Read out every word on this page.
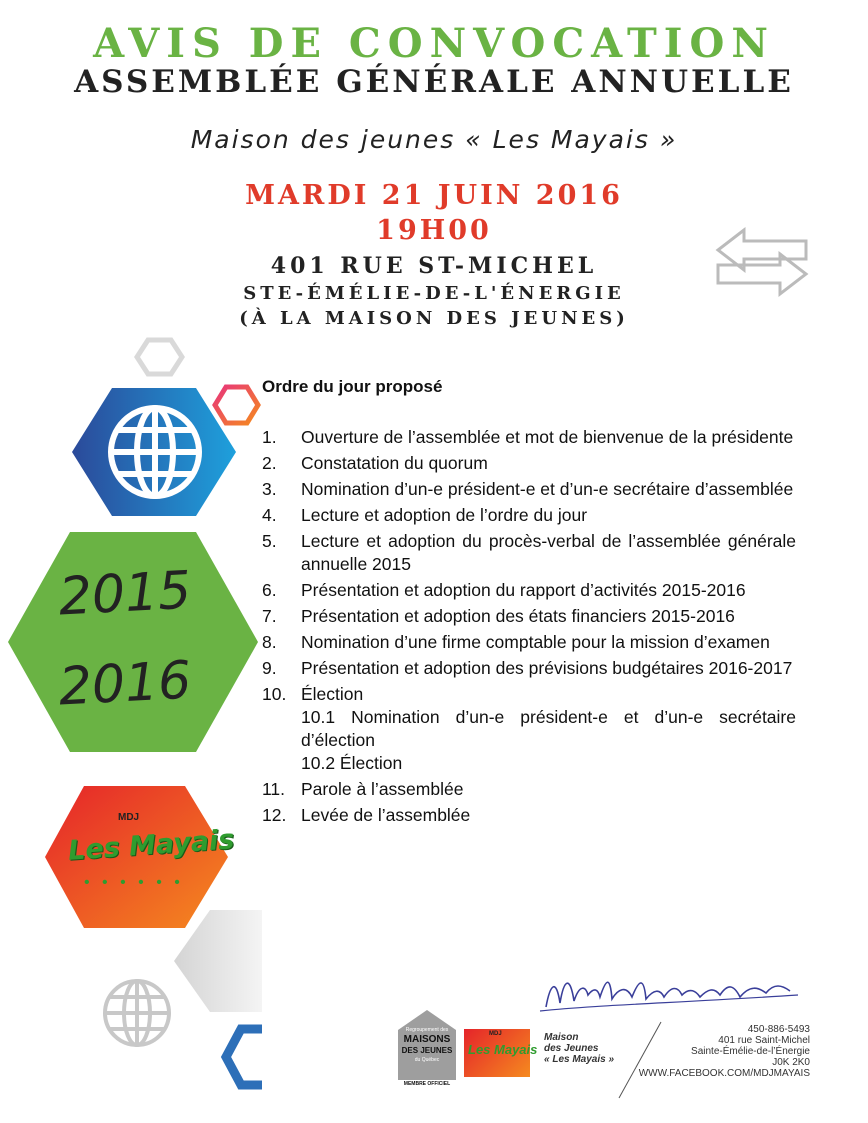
AVIS DE CONVOCATION
ASSEMBLÉE GÉNÉRALE ANNUELLE
Maison des jeunes « Les Mayais »
MARDI 21 JUIN 2016
19H00
401 RUE ST-MICHEL
STE-ÉMÉLIE-DE-L'ÉNERGIE
(À LA MAISON DES JEUNES)
2015
2016
MDJ
Les Mayais
• • • • • •
Ordre du jour proposé
1.	Ouverture de l’assemblée et mot de bienvenue de la présidente
2.	Constatation du quorum
3.	Nomination d’un-e président-e et d’un-e secrétaire d’assemblée
4.	Lecture et adoption de l’ordre du jour
5.	Lecture et adoption du procès-verbal de l’assemblée générale annuelle 2015
6.	Présentation et adoption du rapport d’activités 2015-2016
7.	Présentation et adoption des états financiers 2015-2016
8.	Nomination d’une firme comptable pour la mission d’examen
9.	Présentation et adoption des prévisions budgétaires 2016-2017
10. Élection
10.1 Nomination d’un-e président-e et d’un-e secrétaire d’élection
10.2 Élection
11. Parole à l’assemblée
12. Levée de l’assemblée
Regroupement des
MAISONS
DES JEUNES
du Québec
MEMBRE OFFICIEL
MDJ
Les Mayais
Maison
des Jeunes
« Les Mayais »
450-886-5493
401 rue Saint-Michel
Sainte-Émélie-de-l’Énergie
J0K 2K0
WWW.FACEBOOK.COM/MDJMAYAIS
